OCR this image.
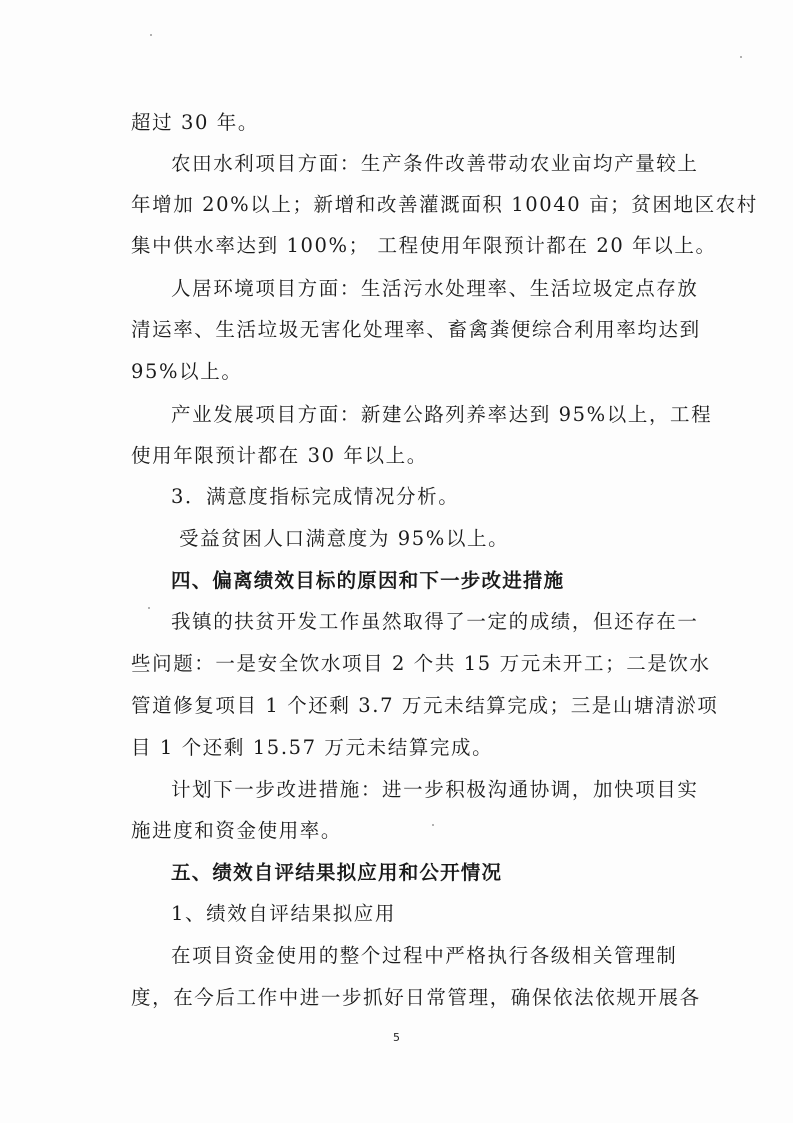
超过 30 年。
农田水利项目方面：生产条件改善带动农业亩均产量较上
年增加 20%以上；新增和改善灌溉面积 10040 亩；贫困地区农村
集中供水率达到 100%； 工程使用年限预计都在 20 年以上。
人居环境项目方面：生活污水处理率、生活垃圾定点存放
清运率、生活垃圾无害化处理率、畜禽粪便综合利用率均达到
95%以上。
产业发展项目方面：新建公路列养率达到 95%以上，工程
使用年限预计都在 30 年以上。
3．满意度指标完成情况分析。
受益贫困人口满意度为 95%以上。
四、偏离绩效目标的原因和下一步改进措施
我镇的扶贫开发工作虽然取得了一定的成绩，但还存在一
些问题：一是安全饮水项目 2 个共 15 万元未开工；二是饮水
管道修复项目 1 个还剩 3.7 万元未结算完成；三是山塘清淤项
目 1 个还剩 15.57 万元未结算完成。
计划下一步改进措施：进一步积极沟通协调，加快项目实
施进度和资金使用率。
五、绩效自评结果拟应用和公开情况
1、绩效自评结果拟应用
在项目资金使用的整个过程中严格执行各级相关管理制
度，在今后工作中进一步抓好日常管理，确保依法依规开展各
5
